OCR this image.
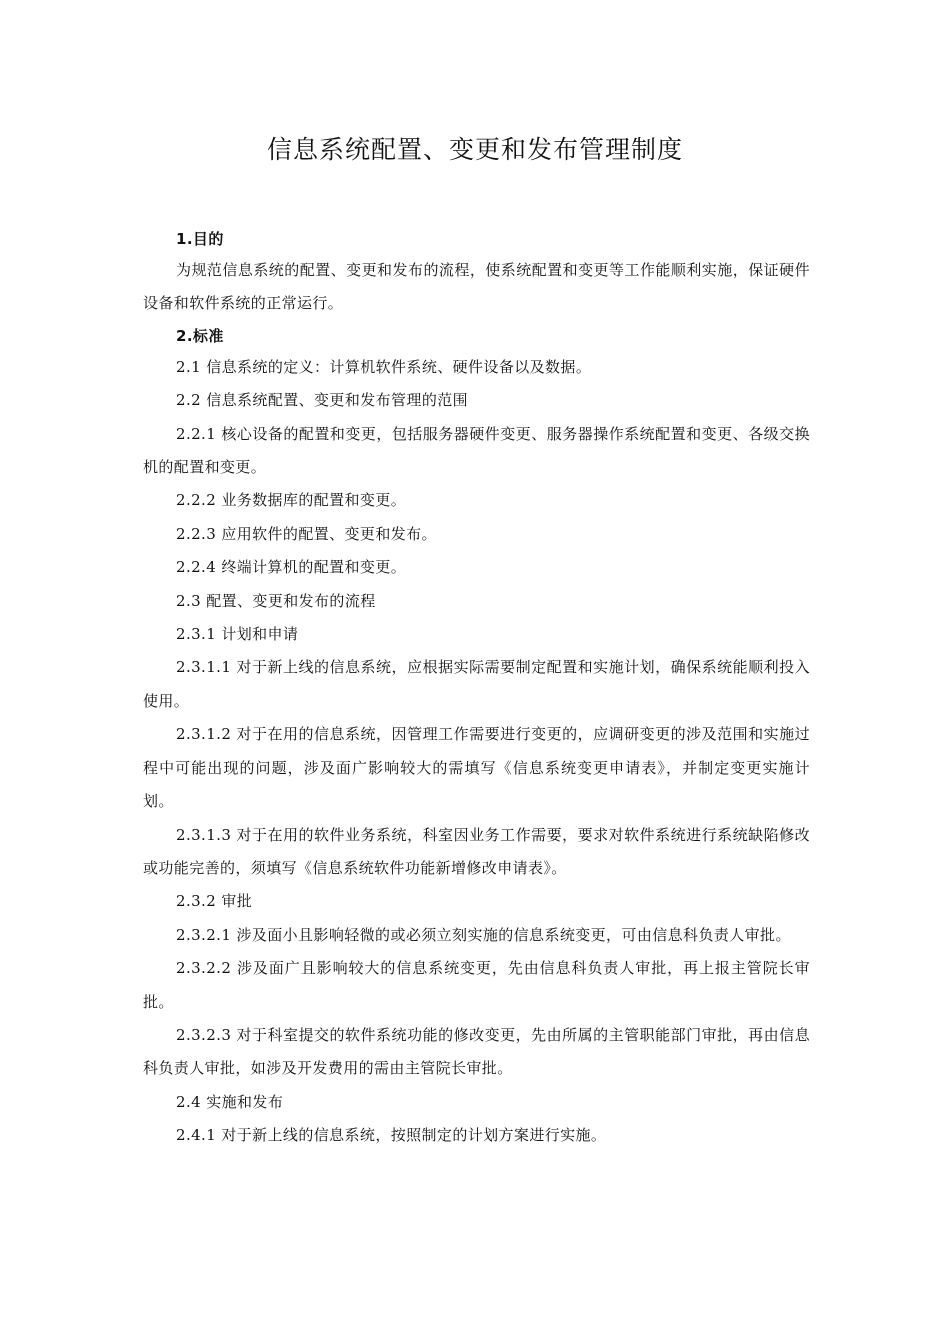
信息系统配置、变更和发布管理制度

1.目的

为规范信息系统的配置、变更和发布的流程，使系统配置和变更等工作能顺利实施，保证硬件设备和软件系统的正常运行。

2.标准

2.1 信息系统的定义：计算机软件系统、硬件设备以及数据。

2.2 信息系统配置、变更和发布管理的范围

2.2.1 核心设备的配置和变更，包括服务器硬件变更、服务器操作系统配置和变更、各级交换机的配置和变更。

2.2.2 业务数据库的配置和变更。

2.2.3 应用软件的配置、变更和发布。

2.2.4 终端计算机的配置和变更。

2.3 配置、变更和发布的流程

2.3.1 计划和申请

2.3.1.1 对于新上线的信息系统，应根据实际需要制定配置和实施计划，确保系统能顺利投入使用。

2.3.1.2 对于在用的信息系统，因管理工作需要进行变更的，应调研变更的涉及范围和实施过程中可能出现的问题，涉及面广影响较大的需填写《信息系统变更申请表》，并制定变更实施计划。

2.3.1.3 对于在用的软件业务系统，科室因业务工作需要，要求对软件系统进行系统缺陷修改或功能完善的，须填写《信息系统软件功能新增修改申请表》。

2.3.2 审批

2.3.2.1 涉及面小且影响轻微的或必须立刻实施的信息系统变更，可由信息科负责人审批。

2.3.2.2 涉及面广且影响较大的信息系统变更，先由信息科负责人审批，再上报主管院长审批。

2.3.2.3 对于科室提交的软件系统功能的修改变更，先由所属的主管职能部门审批，再由信息科负责人审批，如涉及开发费用的需由主管院长审批。

2.4 实施和发布

2.4.1 对于新上线的信息系统，按照制定的计划方案进行实施。
